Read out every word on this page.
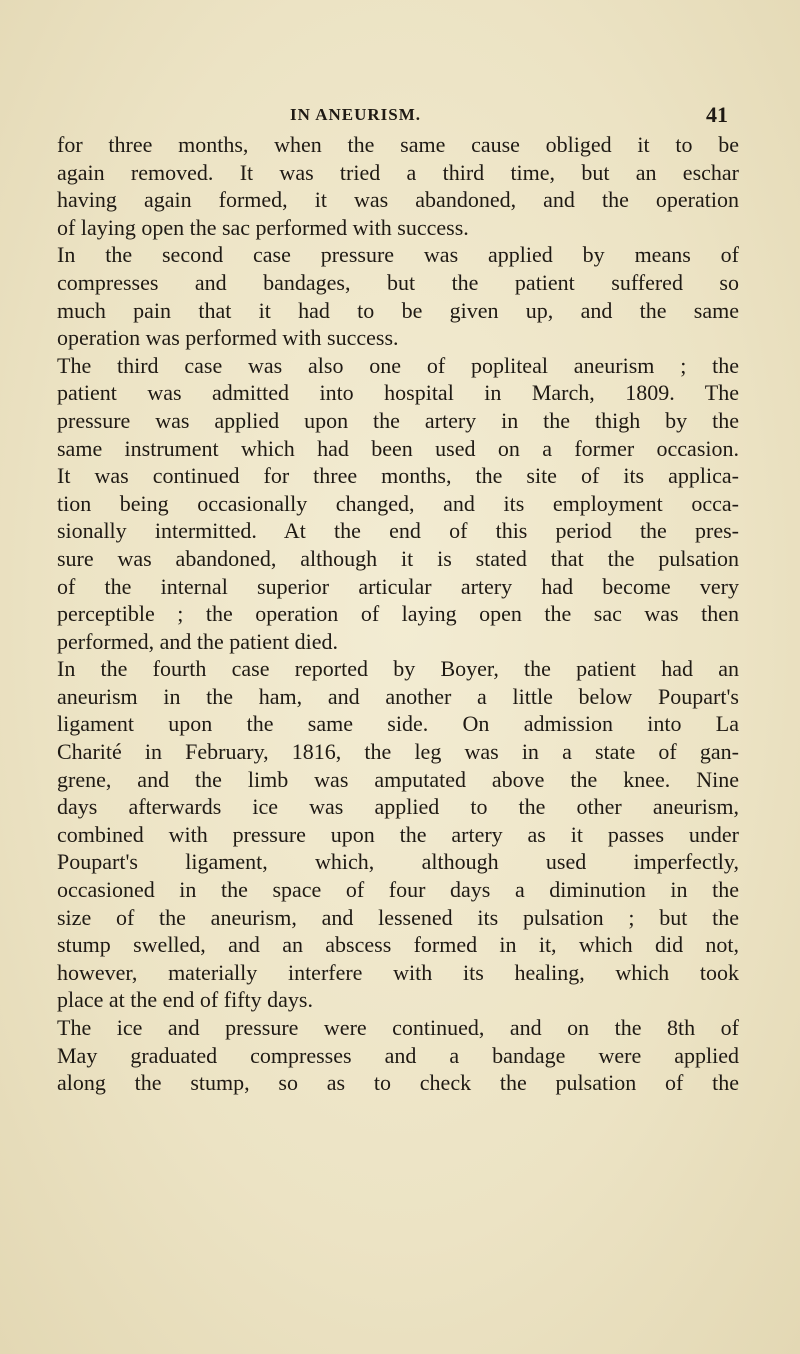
IN ANEURISM.	41
for three months, when the same cause obliged it to be
again removed. It was tried a third time, but an eschar
having again formed, it was abandoned, and the operation
of laying open the sac performed with success.
In the second case pressure was applied by means of
compresses and bandages, but the patient suffered so
much pain that it had to be given up, and the same
operation was performed with success.
The third case was also one of popliteal aneurism ; the
patient was admitted into hospital in March, 1809. The
pressure was applied upon the artery in the thigh by the
same instrument which had been used on a former occasion.
It was continued for three months, the site of its applica-
tion being occasionally changed, and its employment occa-
sionally intermitted. At the end of this period the pres-
sure was abandoned, although it is stated that the pulsation
of the internal superior articular artery had become very
perceptible ; the operation of laying open the sac was then
performed, and the patient died.
In the fourth case reported by Boyer, the patient had an
aneurism in the ham, and another a little below Poupart's
ligament upon the same side. On admission into La
Charité in February, 1816, the leg was in a state of gan-
grene, and the limb was amputated above the knee. Nine
days afterwards ice was applied to the other aneurism,
combined with pressure upon the artery as it passes under
Poupart's ligament, which, although used imperfectly,
occasioned in the space of four days a diminution in the
size of the aneurism, and lessened its pulsation ; but the
stump swelled, and an abscess formed in it, which did not,
however, materially interfere with its healing, which took
place at the end of fifty days.
The ice and pressure were continued, and on the 8th of
May graduated compresses and a bandage were applied
along the stump, so as to check the pulsation of the
